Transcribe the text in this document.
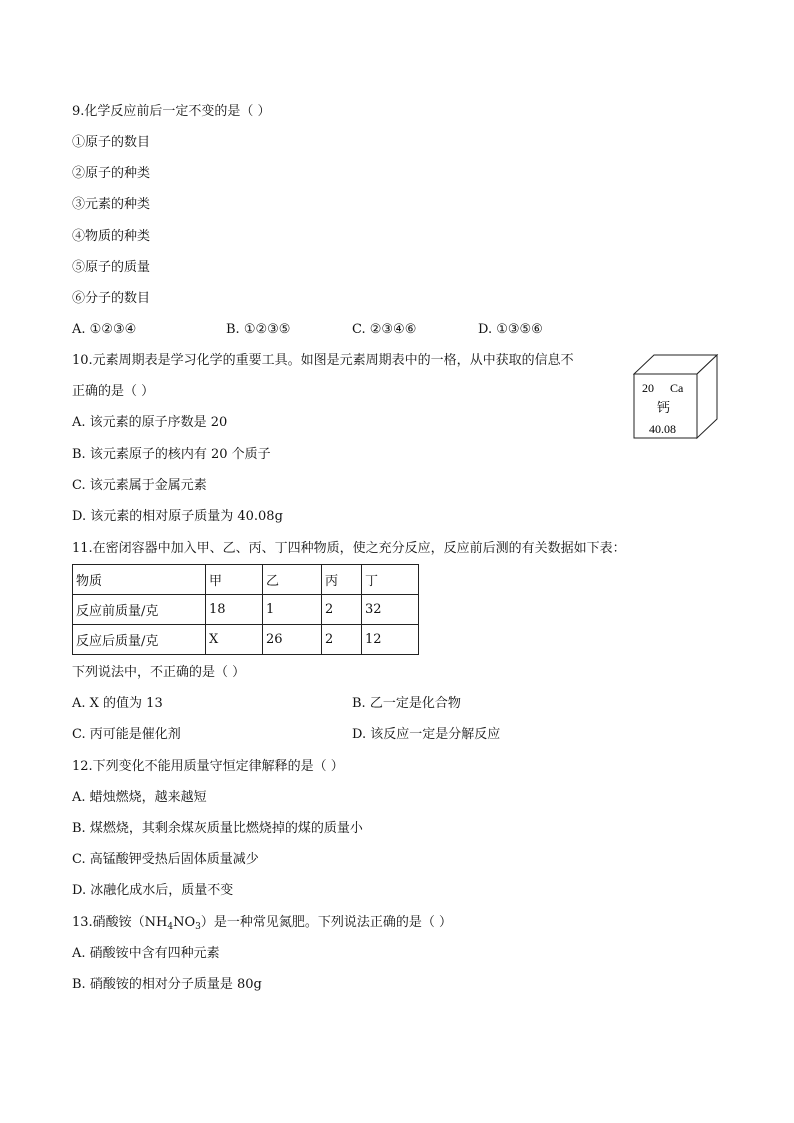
9.化学反应前后一定不变的是（ ）
①原子的数目
②原子的种类
③元素的种类
④物质的种类
⑤原子的质量
⑥分子的数目
A. ①②③④	B. ①②③⑤	C. ②③④⑥	D. ①③⑤⑥
10.元素周期表是学习化学的重要工具。如图是元素周期表中的一格，从中获取的信息不
正确的是（ ）
A. 该元素的原子序数是 20
B. 该元素原子的核内有 20 个质子
C. 该元素属于金属元素
D. 该元素的相对原子质量为 40.08g
20 Ca
钙
40.08
11.在密闭容器中加入甲、乙、丙、丁四种物质，使之充分反应，反应前后测的有关数据如下表：
物质	甲	乙	丙	丁
反应前质量/克	18	1	2	32
反应后质量/克	X	26	2	12
下列说法中，不正确的是（ ）
A. X 的值为 13	B. 乙一定是化合物
C. 丙可能是催化剂	D. 该反应一定是分解反应
12.下列变化不能用质量守恒定律解释的是（ ）
A. 蜡烛燃烧，越来越短
B. 煤燃烧，其剩余煤灰质量比燃烧掉的煤的质量小
C. 高锰酸钾受热后固体质量减少
D. 冰融化成水后，质量不变
13.硝酸铵$(NH_4NO_3)$是一种常见氮肥。下列说法正确的是（ ）
A. 硝酸铵中含有四种元素
B. 硝酸铵的相对分子质量是 80g
